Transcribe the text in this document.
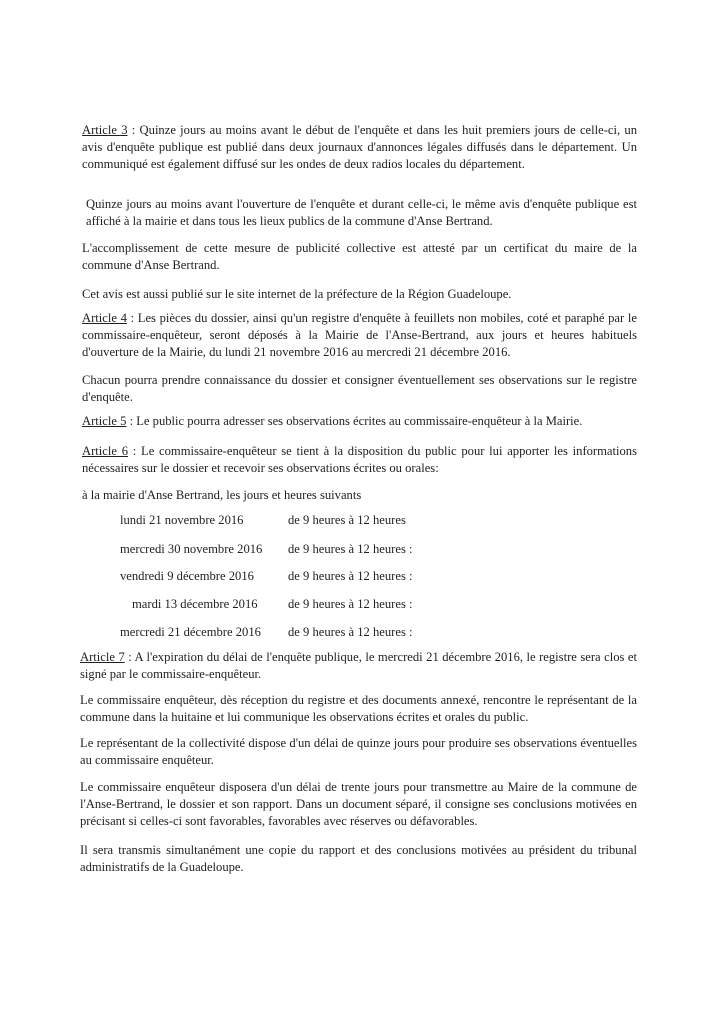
Article 3 : Quinze jours au moins avant le début de l'enquête et dans les huit premiers jours de celle-ci, un avis d'enquête publique est publié dans deux journaux d'annonces légales diffusés dans le département. Un communiqué est également diffusé sur les ondes de deux radios locales du département.

Quinze jours au moins avant l'ouverture de l'enquête et durant celle-ci, le même avis d'enquête publique est affiché à la mairie et dans tous les lieux publics de la commune d'Anse Bertrand.

L'accomplissement de cette mesure de publicité collective est attesté par un certificat du maire de la commune d'Anse Bertrand.

Cet avis est aussi publié sur le site internet de la préfecture de la Région Guadeloupe.

Article 4 : Les pièces du dossier, ainsi qu'un registre d'enquête à feuillets non mobiles, coté et paraphé par le commissaire-enquêteur, seront déposés à la Mairie de l'Anse-Bertrand, aux jours et heures habituels d'ouverture de la Mairie, du lundi 21 novembre 2016 au mercredi 21 décembre 2016.

Chacun pourra prendre connaissance du dossier et consigner éventuellement ses observations sur le registre d'enquête.

Article 5 : Le public pourra adresser ses observations écrites au commissaire-enquêteur à la Mairie.

Article 6 : Le commissaire-enquêteur se tient à la disposition du public pour lui apporter les informations nécessaires sur le dossier et recevoir ses observations écrites ou orales:

à la mairie d'Anse Bertrand, les jours et heures suivants

lundi 21 novembre 2016	de 9 heures à 12 heures
mercredi 30 novembre 2016 de 9 heures à 12 heures :
vendredi 9 décembre 2016	de 9 heures à 12 heures :
mardi 13 décembre 2016 de 9 heures à 12 heures :
mercredi 21 décembre 2016 de 9 heures à 12 heures :

Article 7 : A l'expiration du délai de l'enquête publique, le mercredi 21 décembre 2016, le registre sera clos et signé par le commissaire-enquêteur.

Le commissaire enquêteur, dès réception du registre et des documents annexé, rencontre le représentant de la commune dans la huitaine et lui communique les observations écrites et orales du public.

Le représentant de la collectivité dispose d'un délai de quinze jours pour produire ses observations éventuelles au commissaire enquêteur.

Le commissaire enquêteur disposera d'un délai de trente jours pour transmettre au Maire de la commune de l'Anse-Bertrand, le dossier et son rapport. Dans un document séparé, il consigne ses conclusions motivées en précisant si celles-ci sont favorables, favorables avec réserves ou défavorables.

Il sera transmis simultanément une copie du rapport et des conclusions motivées au président du tribunal administratifs de la Guadeloupe.
